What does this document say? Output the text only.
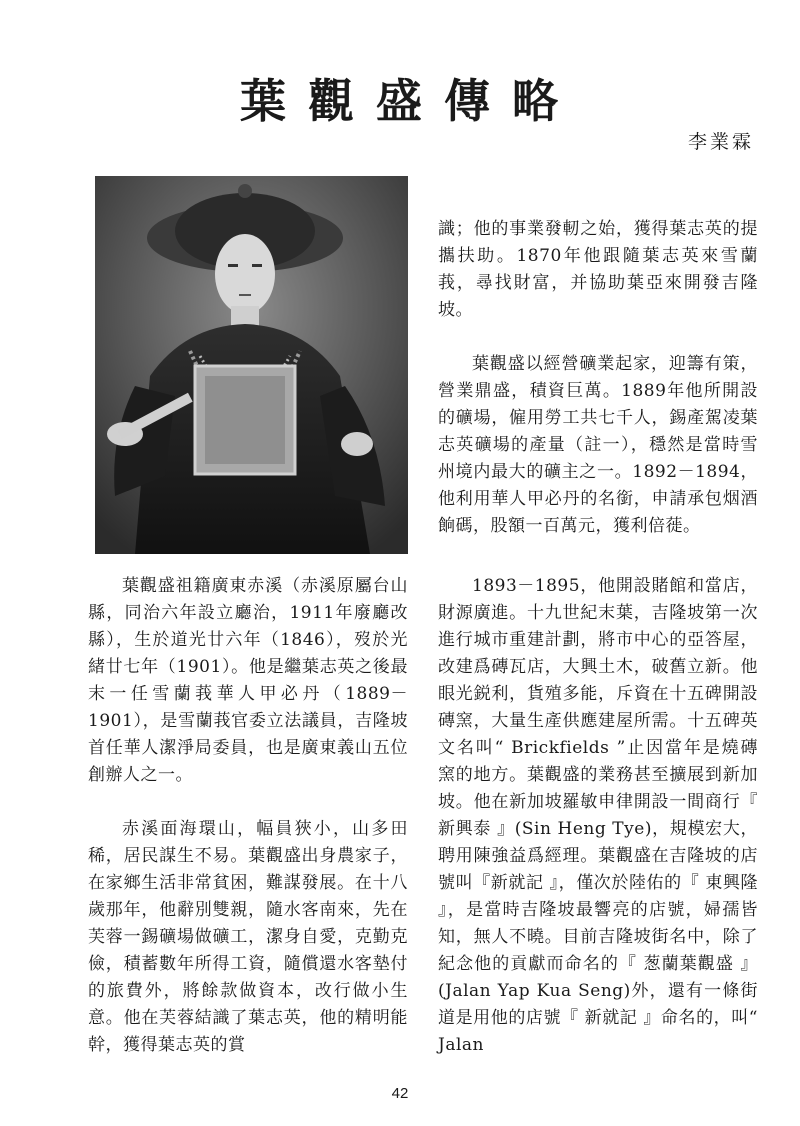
葉觀盛傳略
李業霖

識；他的事業發軔之始，獲得葉志英的提攜扶助。1870年他跟隨葉志英來雪蘭莪，尋找財富，并協助葉亞來開發吉隆坡。

葉觀盛以經營礦業起家，迎籌有策，營業鼎盛，積資巨萬。1889年他所開設的礦場，僱用勞工共七千人，錫產駕凌葉志英礦場的產量（註一），穩然是當時雪州境内最大的礦主之一。1892－1894，他利用華人甲必丹的名銜，申請承包烟酒餉碼，股額一百萬元，獲利倍蓰。

葉觀盛祖籍廣東赤溪（赤溪原屬台山縣，同治六年設立廳治，1911年廢廳改縣），生於道光廿六年（1846），歿於光緒廿七年（1901）。他是繼葉志英之後最末一任雪蘭莪華人甲必丹（1889－1901），是雪蘭莪官委立法議員，吉隆坡首任華人潔淨局委員，也是廣東義山五位創辦人之一。

赤溪面海環山，幅員狹小，山多田稀，居民謀生不易。葉觀盛出身農家子，在家鄉生活非常貧困，難謀發展。在十八歲那年，他辭別雙親，隨水客南來，先在芙蓉一錫礦場做礦工，潔身自愛，克勤克儉，積蓄數年所得工資，隨償還水客墊付的旅費外，將餘款做資本，改行做小生意。他在芙蓉結識了葉志英，他的精明能幹，獲得葉志英的賞

1893－1895，他開設賭館和當店，財源廣進。十九世紀末葉，吉隆坡第一次進行城市重建計劃，將市中心的亞答屋，改建爲磚瓦店，大興土木，破舊立新。他眼光鋭利，貨殖多能，斥資在十五碑開設磚窯，大量生產供應建屋所需。十五碑英文名叫“ Brickfields ”止因當年是燒磚窯的地方。葉觀盛的業務甚至擴展到新加坡。他在新加坡羅敏申律開設一間商行『 新興泰 』(Sin Heng Tye)，規模宏大，聘用陳強益爲經理。葉觀盛在吉隆坡的店號叫『新就記 』，僅次於陸佑的『 東興隆 』，是當時吉隆坡最響亮的店號，婦孺皆知，無人不曉。目前吉隆坡街名中，除了紀念他的貢獻而命名的『 葱蘭葉觀盛 』(Jalan Yap Kua Seng)外，還有一條街道是用他的店號『 新就記 』命名的，叫“ Jalan

42
